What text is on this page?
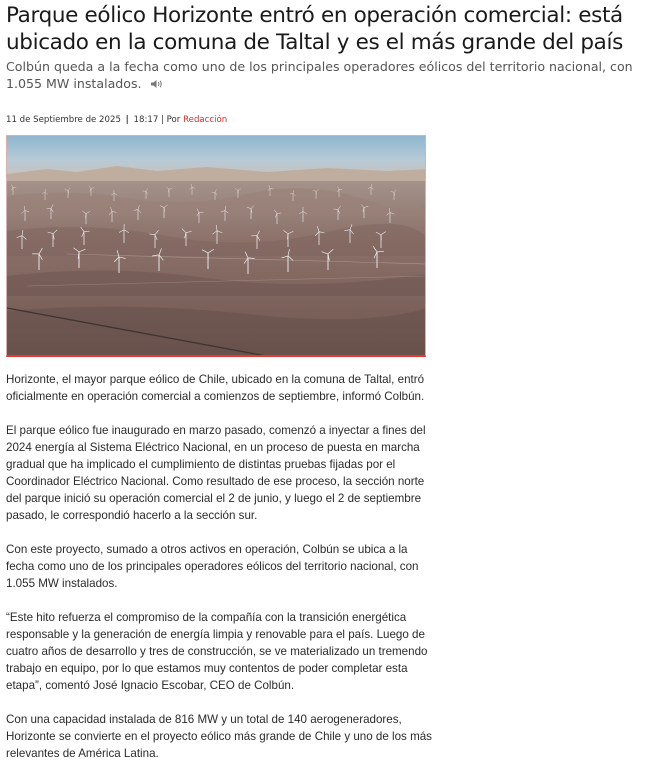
Parque eólico Horizonte entró en operación comercial: está ubicado en la comuna de Taltal y es el más grande del país
Colbún queda a la fecha como uno de los principales operadores eólicos del territorio nacional, con 1.055 MW instalados.
11 de Septiembre de 2025 | 18:17 | Por Redacción

Horizonte, el mayor parque eólico de Chile, ubicado en la comuna de Taltal, entró oficialmente en operación comercial a comienzos de septiembre, informó Colbún.

El parque eólico fue inaugurado en marzo pasado, comenzó a inyectar a fines del 2024 energía al Sistema Eléctrico Nacional, en un proceso de puesta en marcha gradual que ha implicado el cumplimiento de distintas pruebas fijadas por el Coordinador Eléctrico Nacional. Como resultado de ese proceso, la sección norte del parque inició su operación comercial el 2 de junio, y luego el 2 de septiembre pasado, le correspondió hacerlo a la sección sur.

Con este proyecto, sumado a otros activos en operación, Colbún se ubica a la fecha como uno de los principales operadores eólicos del territorio nacional, con 1.055 MW instalados.

“Este hito refuerza el compromiso de la compañía con la transición energética responsable y la generación de energía limpia y renovable para el país. Luego de cuatro años de desarrollo y tres de construcción, se ve materializado un tremendo trabajo en equipo, por lo que estamos muy contentos de poder completar esta etapa”, comentó José Ignacio Escobar, CEO de Colbún.

Con una capacidad instalada de 816 MW y un total de 140 aerogeneradores, Horizonte se convierte en el proyecto eólico más grande de Chile y uno de los más relevantes de América Latina.
